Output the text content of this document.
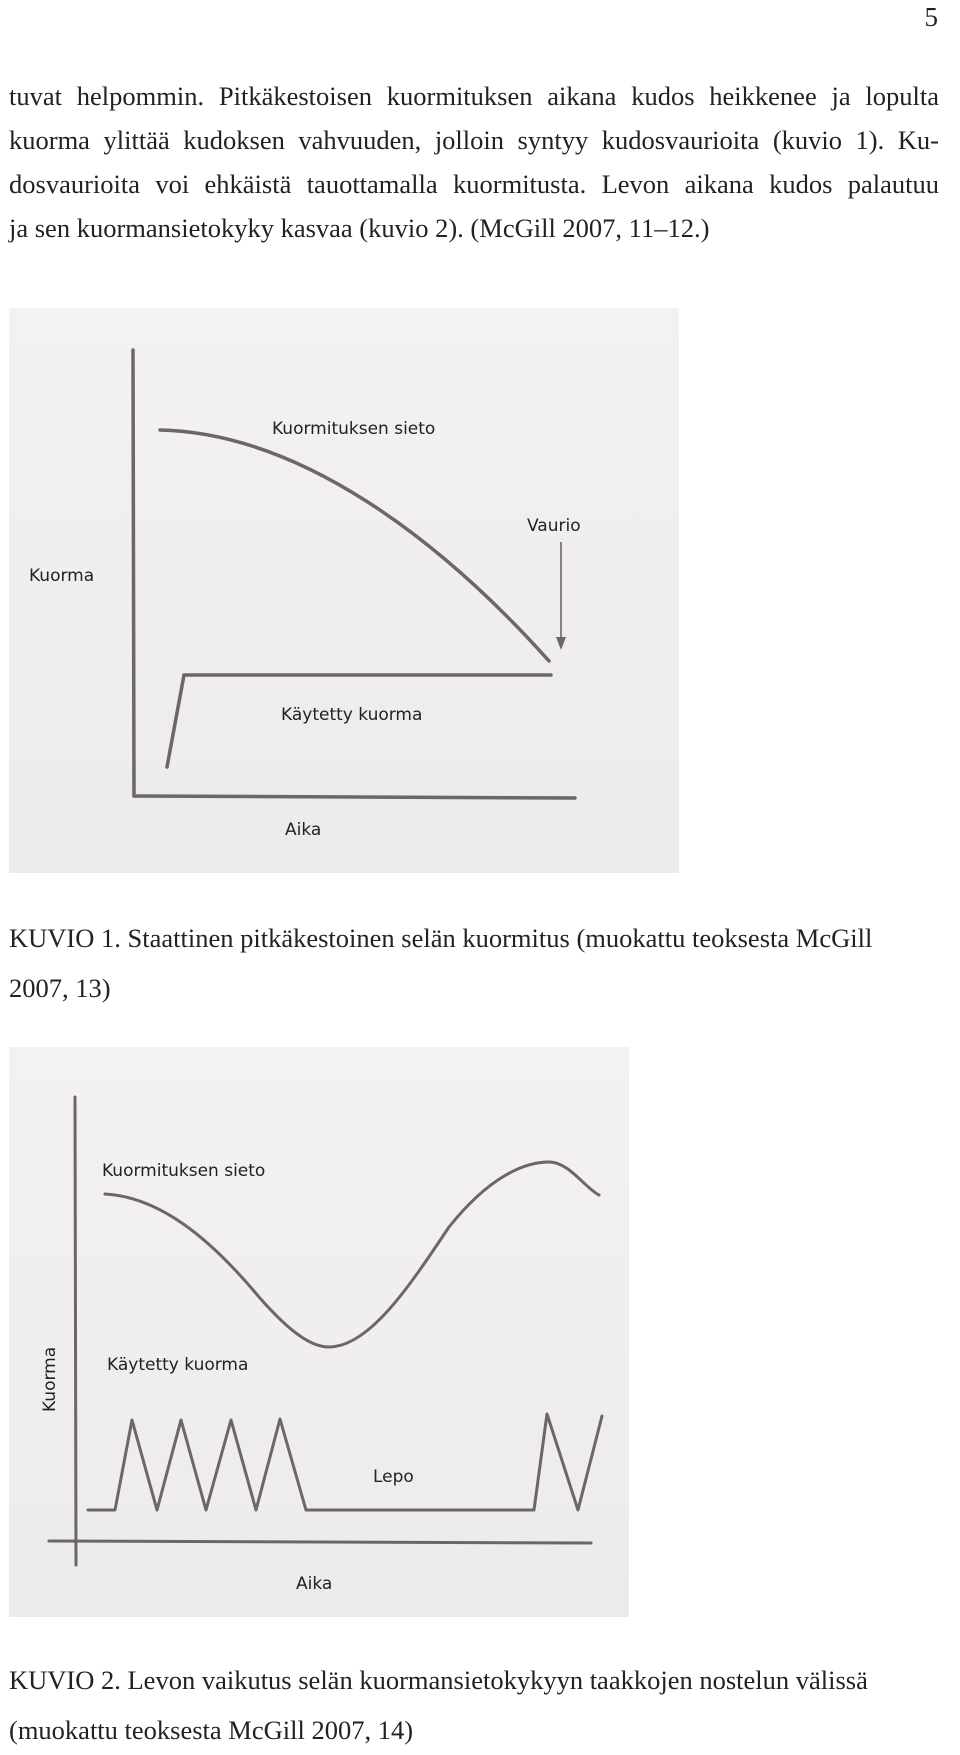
5
tuvat helpommin. Pitkäkestoisen kuormituksen aikana kudos heikkenee ja lopulta
kuorma ylittää kudoksen vahvuuden, jolloin syntyy kudosvaurioita (kuvio 1). Ku-
dosvaurioita voi ehkäistä tauottamalla kuormitusta. Levon aikana kudos palautuu
ja sen kuormansietokyky kasvaa (kuvio 2). (McGill 2007, 11–12.)
Kuormituksen sieto
Vaurio
Kuorma
Käytetty kuorma
Aika

KUVIO 1. Staattinen pitkäkestoinen selän kuormitus (muokattu teoksesta McGill
2007, 13)

Kuormituksen sieto
Kuorma	Käytetty kuorma
Lepo
Aika

KUVIO 2. Levon vaikutus selän kuormansietokykyyn taakkojen nostelun välissä
(muokattu teoksesta McGill 2007, 14)
